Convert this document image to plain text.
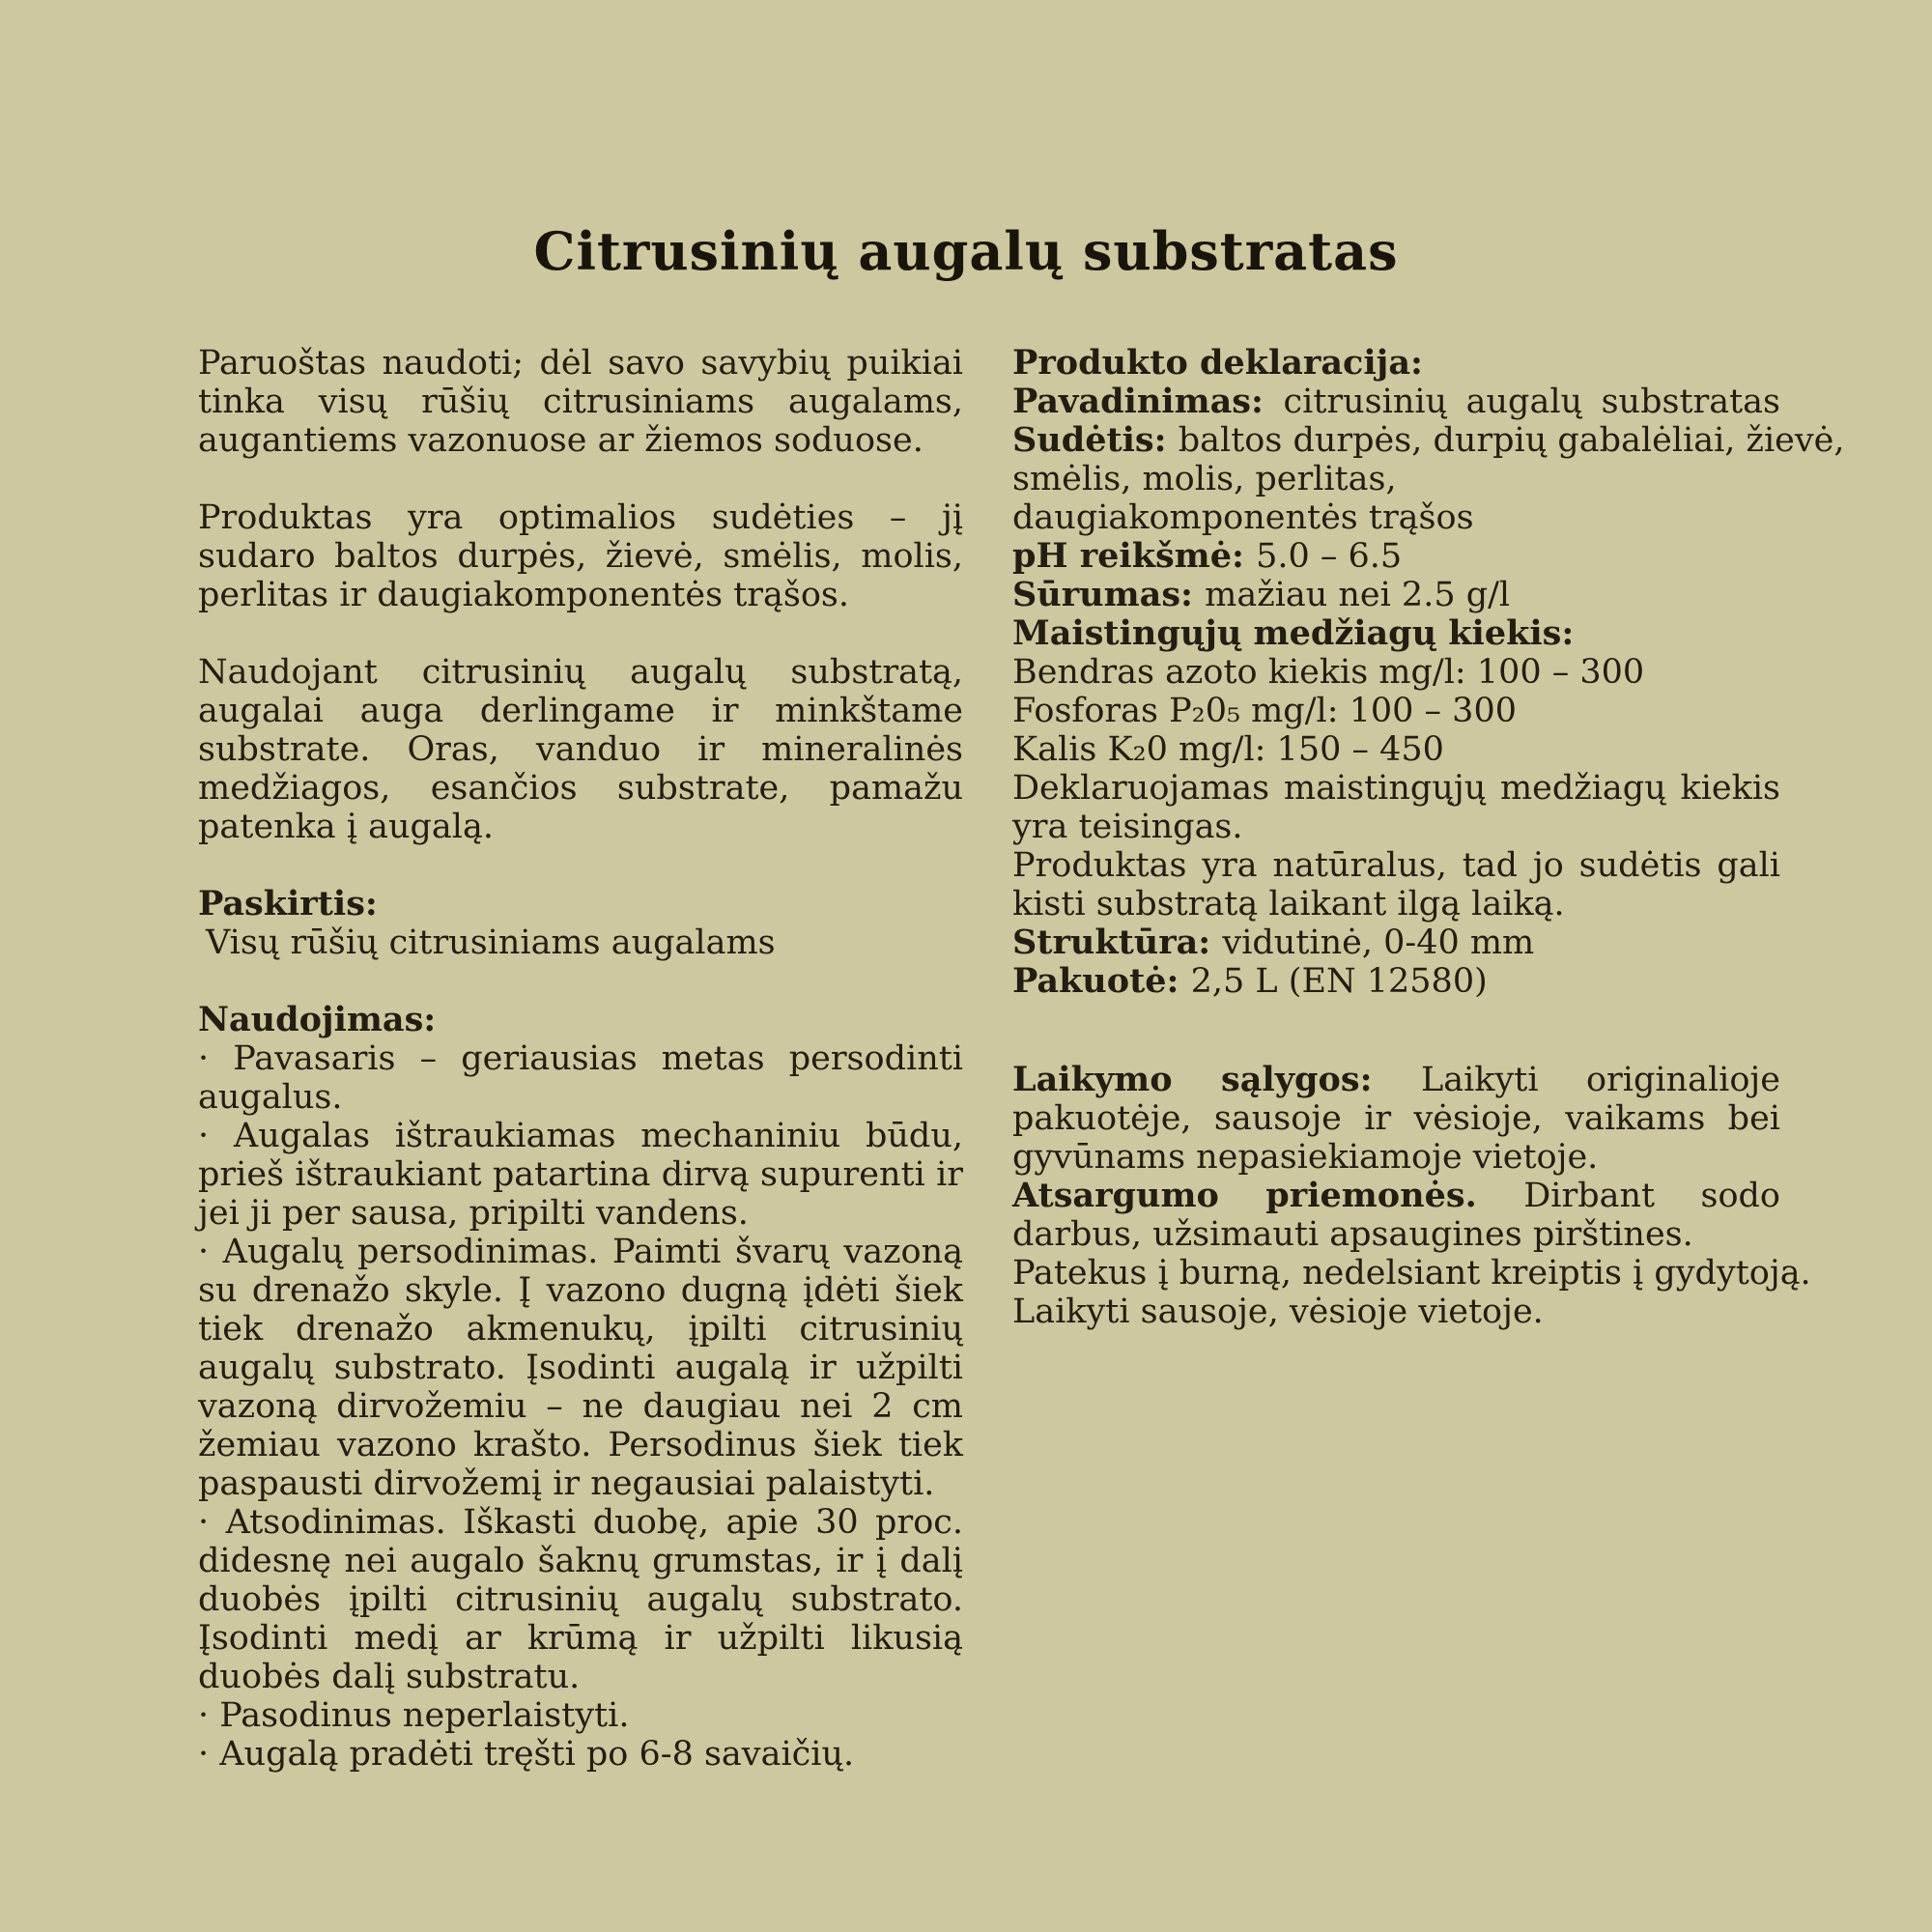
Citrusinių augalų substratas

Paruoštas naudoti; dėl savo savybių puikiai tinka visų rūšių citrusiniams augalams, augantiems vazonuose ar žiemos soduose.

Produktas yra optimalios sudėties – jį sudaro baltos durpės, žievė, smėlis, molis, perlitas ir daugiakomponentės trąšos.

Naudojant citrusinių augalų substratą, augalai auga derlingame ir minkštame substrate. Oras, vanduo ir mineralinės medžiagos, esančios substrate, pamažu patenka į augalą.

Paskirtis:

Visų rūšių citrusiniams augalams

Naudojimas:

· Pavasaris – geriausias metas persodinti augalus.

· Augalas ištraukiamas mechaniniu būdu, prieš ištraukiant patartina dirvą supurenti ir jei ji per sausa, pripilti vandens.

· Augalų persodinimas. Paimti švarų vazoną su drenažo skyle. Į vazono dugną įdėti šiek tiek drenažo akmenukų, įpilti citrusinių augalų substrato. Įsodinti augalą ir užpilti vazoną dirvožemiu – ne daugiau nei 2 cm žemiau vazono krašto. Persodinus šiek tiek paspausti dirvožemį ir negausiai palaistyti.

· Atsodinimas. Iškasti duobę, apie 30 proc. didesnę nei augalo šaknų grumstas, ir į dalį duobės įpilti citrusinių augalų substrato. Įsodinti medį ar krūmą ir užpilti likusią duobės dalį substratu.

· Pasodinus neperlaistyti.

· Augalą pradėti tręšti po 6-8 savaičių.

Produkto deklaracija:

Pavadinimas: citrusinių augalų substratas

Sudėtis: baltos durpės, durpių gabalėliai, žievė,

smėlis, molis, perlitas,

daugiakomponentės trąšos

pH reikšmė: 5.0 – 6.5

Sūrumas: mažiau nei 2.5 g/l

Maistingųjų medžiagų kiekis:

Bendras azoto kiekis mg/l: 100 – 300

Fosforas P₂0₅ mg/l: 100 – 300

Kalis K₂0 mg/l: 150 – 450

Deklaruojamas maistingųjų medžiagų kiekis yra teisingas.

Produktas yra natūralus, tad jo sudėtis gali kisti substratą laikant ilgą laiką.

Struktūra: vidutinė, 0-40 mm

Pakuotė: 2,5 L (EN 12580)

Laikymo sąlygos: Laikyti originalioje pakuotėje, sausoje ir vėsioje, vaikams bei gyvūnams nepasiekiamoje vietoje.

Atsargumo priemonės. Dirbant sodo darbus, užsimauti apsaugines pirštines.

Patekus į burną, nedelsiant kreiptis į gydytoją.

Laikyti sausoje, vėsioje vietoje.
